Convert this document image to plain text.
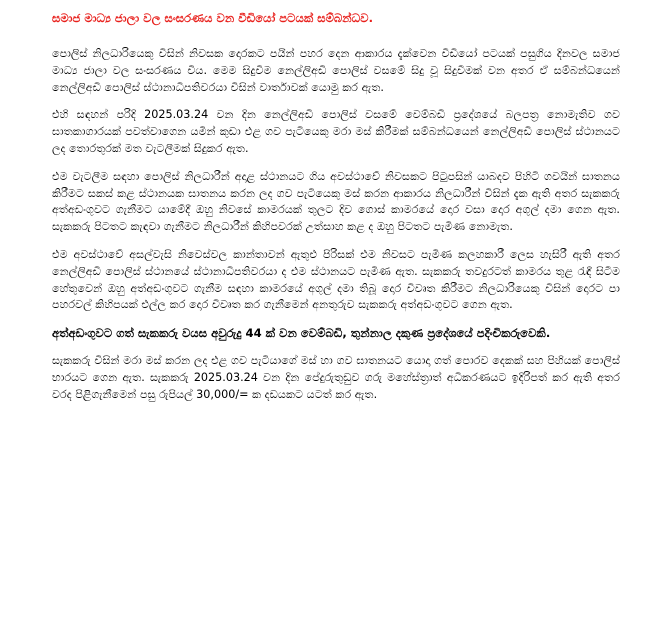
සමාජ මාධ්‍ය ජාලා වල සංසරණය වන වීඩියෝ පටයක් සම්බන්ධව.

පොලිස් නිලධාරියෙකු විසින් නිවසක දොරකට පයින් පහර දෙන ආකාරය දැක්වෙන වීඩියෝ පටයක් පසුගිය දිනවල සමාජ මාධ්‍ය ජාලා වල සංසරණය විය. මෙම සිදුවීම නෙල්ලිඅඩි පොලිස් වසමේ සිදු වූ සිදුවීමක් වන අතර ඒ සම්බන්ධයෙන් නෙල්ලිඅඩි පොලිස් ස්ථානාධිපතිවරයා විසින් වාර්තාවක් යොමු කර ඇත.

එහි සඳහන් පරිදි 2025.03.24 වන දින නෙල්ලිඅඩි පොලිස් වසමේ වෙම්බඩි ප්‍රදේශයේ බලපත්‍ර නොමැතිව ගව ඝාතකාගාරයක් පවත්වාගෙන යමින් කුඩා එළ ගව පැටියෙකු මරා මස් කිරීමක් සම්බන්ධයෙන් නෙල්ලිඅඩි පොලිස් ස්ථානයට ලද තොරතුරක් මත වැටලීමක් සිදුකර ඇත.

එම වැටලීම සඳහා පොලිස් නිලධාරීන් අදාළ ස්ථානයට ගිය අවස්ථාවේ නිවසකට පිටුපසින් යාබදව පිහිටි ගවයින් ඝාතනය කිරීමට සකස් කළ ස්ථානයක ඝාතනය කරන ලද ගව පැටියෙකු මස් කරන ආකාරය නිලධාරීන් විසින් දැක ඇති අතර සැකකරු අත්අඩංගුවට ගැනීමට යාමේදී ඔහු නිවසේ කාමරයක් තුලට දිව ගොස් කාමරයේ දොර වසා දොර අගුල් දමා ගෙන ඇත. සැකකරු පිටතට කැඳවා ගැනීමට නිලධාරීන් කිහිපවරක් උත්සාහ කළ ද ඔහු පිටතට පැමිණ නොමැත.

එම අවස්ථාවේ අසල්වැසි නිවෙස්වල කාන්තාවන් ඇතුළු පිරිසක් එම නිවසට පැමිණ කලහකාරී ලෙස හැසිරී ඇති අතර නෙල්ලිඅඩි පොලිස් ස්ථානයේ ස්ථානාධිපතිවරයා ද එම ස්ථානයට පැමිණ ඇත. සැකකරු තවදුරටත් කාමරය තුළ රැඳී සිටීම හේතුවෙන් ඔහු අත්අඩංගුවට ගැනීම සඳහා කාමරයේ අගුල් දමා තිබූ දොර විවෘත කිරීමට නිලධාරියෙකු විසින් දොරට පා පහරවල් කිහිපයක් එල්ල කර දොර විවෘත කර ගැනීමෙන් අනතුරුව සැකකරු අත්අඩංගුවට ගෙන ඇත.

අත්අඩංගුවට ගත් සැකකරු වයස අවුරුදු 44 ක් වන වෙම්බඩි, තුන්නාල දකුණ ප්‍රදේශයේ පදිංචිකරුවෙකි.

සැකකරු විසින් මරා මස් කරන ලද එළ ගව පැටියාගේ මස් හා ගව ඝාතනයට යොදා ගත් පොරව දෙකක් සහ පිහියක් පොලිස් භාරයට ගෙන ඇත. සැකකරු 2025.03.24 වන දින පේදුරුතුඩුව ගරු මහේස්ත්‍රාත් අධිකරණයට ඉදිරිපත් කර ඇති අතර වරද පිළිගැනීමෙන් පසු රුපියල් 30,000/= ක දඩයකට යටත් කර ඇත.
